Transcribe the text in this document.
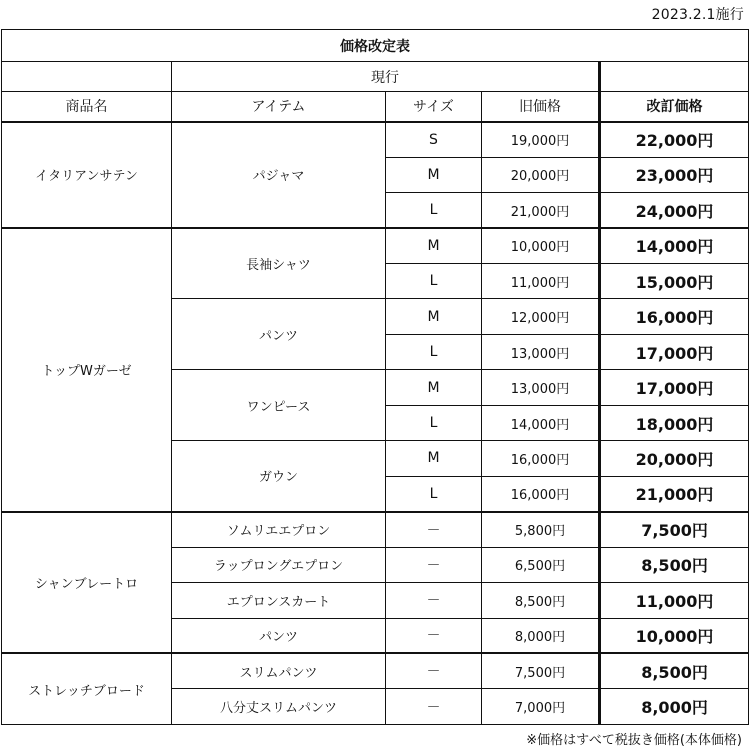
2023.2.1施行
価格改定表				
	現行			
商品名	アイテム	サイズ	旧価格	改訂価格
イタリアンサテン	パジャマ	S	19,000円	22,000円
		M	20,000円	23,000円
		L	21,000円	24,000円
トップWガーゼ	長袖シャツ	M	10,000円	14,000円
		L	11,000円	15,000円
	パンツ	M	12,000円	16,000円
		L	13,000円	17,000円
	ワンピース	M	13,000円	17,000円
		L	14,000円	18,000円
	ガウン	M	16,000円	20,000円
		L	16,000円	21,000円
シャンブレートロ	ソムリエエプロン	－	5,800円	7,500円
	ラップロングエプロン	－	6,500円	8,500円
	エプロンスカート	－	8,500円	11,000円
	パンツ	－	8,000円	10,000円
ストレッチブロード	スリムパンツ	－	7,500円	8,500円
	八分丈スリムパンツ	－	7,000円	8,000円
※価格はすべて税抜き価格(本体価格)
